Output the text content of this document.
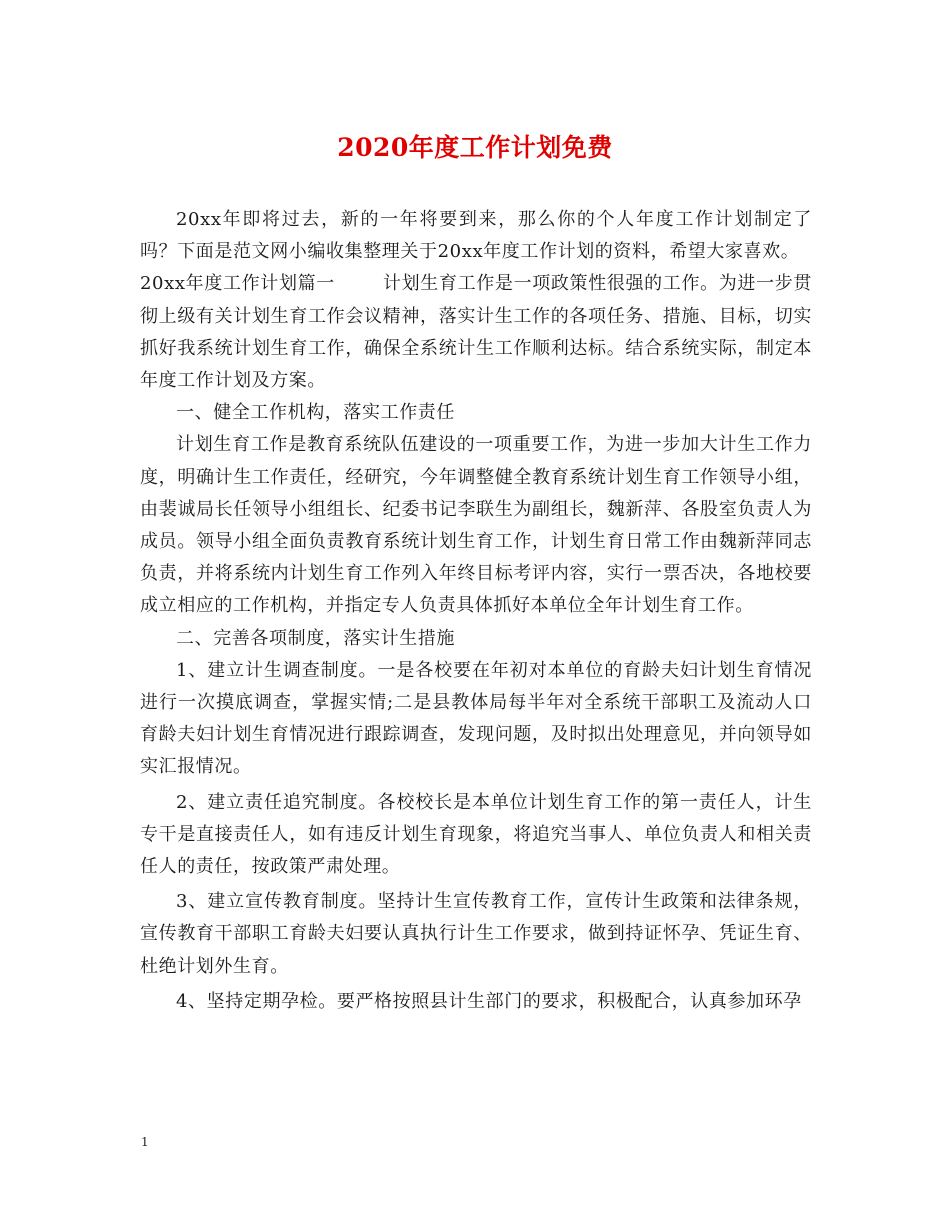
2020年度工作计划免费

20xx年即将过去，新的一年将要到来，那么你的个人年度工作计划制定了吗？下面是范文网小编收集整理关于20xx年度工作计划的资料，希望大家喜欢。

20xx年度工作计划篇一	计划生育工作是一项政策性很强的工作。为进一步贯彻上级有关计划生育工作会议精神，落实计生工作的各项任务、措施、目标，切实抓好我系统计划生育工作，确保全系统计生工作顺利达标。结合系统实际，制定本年度工作计划及方案。

一、健全工作机构，落实工作责任

计划生育工作是教育系统队伍建设的一项重要工作，为进一步加大计生工作力度，明确计生工作责任，经研究，今年调整健全教育系统计划生育工作领导小组，由裴诚局长任领导小组组长、纪委书记李联生为副组长，魏新萍、各股室负责人为成员。领导小组全面负责教育系统计划生育工作，计划生育日常工作由魏新萍同志负责，并将系统内计划生育工作列入年终目标考评内容，实行一票否决，各地校要成立相应的工作机构，并指定专人负责具体抓好本单位全年计划生育工作。

二、完善各项制度，落实计生措施

1、建立计生调查制度。一是各校要在年初对本单位的育龄夫妇计划生育情况进行一次摸底调查，掌握实情;二是县教体局每半年对全系统干部职工及流动人口育龄夫妇计划生育情况进行跟踪调查，发现问题，及时拟出处理意见，并向领导如实汇报情况。

2、建立责任追究制度。各校校长是本单位计划生育工作的第一责任人，计生专干是直接责任人，如有违反计划生育现象，将追究当事人、单位负责人和相关责任人的责任，按政策严肃处理。

3、建立宣传教育制度。坚持计生宣传教育工作，宣传计生政策和法律条规，宣传教育干部职工育龄夫妇要认真执行计生工作要求，做到持证怀孕、凭证生育、杜绝计划外生育。

4、坚持定期孕检。要严格按照县计生部门的要求，积极配合，认真参加环孕

1
